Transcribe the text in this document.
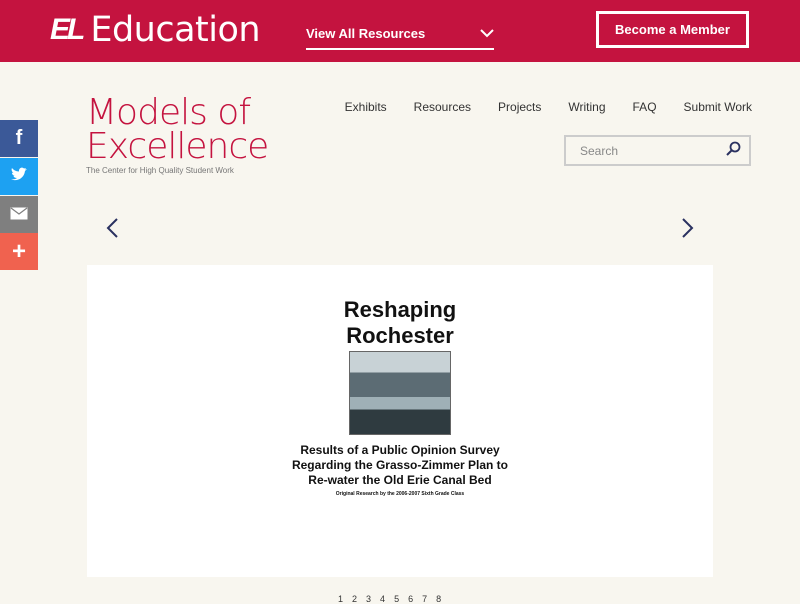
EL Education	View All Resources	Become a Member
Models of
Excellence
The Center for High Quality Student Work
Exhibits Resources Projects Writing FAQ Submit Work
Search
f
+
Reshaping Rochester
Results of a Public Opinion Survey Regarding the Grasso-Zimmer Plan to Re-water the Old Erie Canal Bed

Original Research by the 2006-2007 Sixth Grade Class

1 2 3 4 5 6 7 8
